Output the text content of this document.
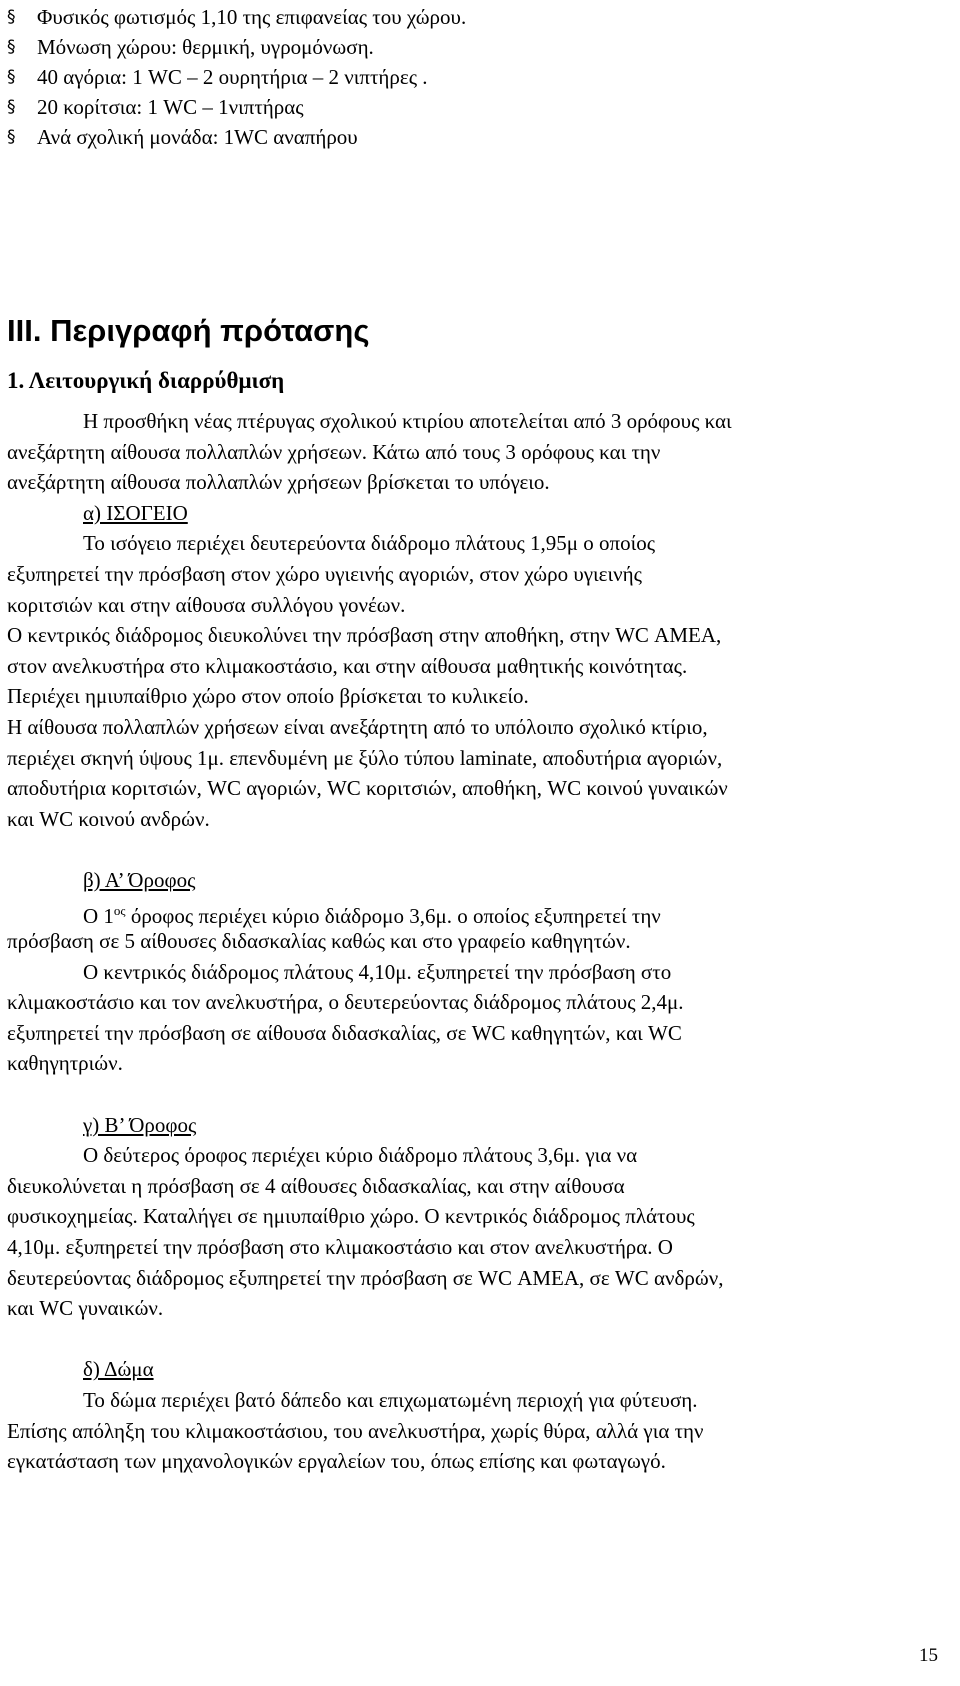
§	Φυσικός φωτισμός 1,10 της επιφανείας του χώρου.
§	Μόνωση χώρου: θερμική, υγρομόνωση.
§	40 αγόρια: 1 WC – 2 ουρητήρια – 2 νιπτήρες .
§	20 κορίτσια: 1 WC – 1νιπτήρας
§	Ανά σχολική μονάδα: 1WC αναπήρου
III. Περιγραφή πρότασης
1. Λειτουργική διαρρύθμιση
Η προσθήκη νέας πτέρυγας σχολικού κτιρίου αποτελείται από 3 ορόφους και
ανεξάρτητη αίθουσα πολλαπλών χρήσεων. Κάτω από τους 3 ορόφους και την
ανεξάρτητη αίθουσα πολλαπλών χρήσεων βρίσκεται το υπόγειο.
α) ΙΣΟΓΕΙΟ
Το ισόγειο περιέχει δευτερεύοντα διάδρομο πλάτους 1,95μ ο οποίος
εξυπηρετεί την πρόσβαση στον χώρο υγιεινής αγοριών, στον χώρο υγιεινής
κοριτσιών και στην αίθουσα συλλόγου γονέων.
Ο κεντρικός διάδρομος διευκολύνει την πρόσβαση στην αποθήκη, στην WC ΑΜΕΑ,
στον ανελκυστήρα στο κλιμακοστάσιο, και στην αίθουσα μαθητικής κοινότητας.
Περιέχει ημιυπαίθριο χώρο στον οποίο βρίσκεται το κυλικείο.
Η αίθουσα πολλαπλών χρήσεων είναι ανεξάρτητη από το υπόλοιπο σχολικό κτίριο,
περιέχει σκηνή ύψους 1μ. επενδυμένη με ξύλο τύπου laminate, αποδυτήρια αγοριών,
αποδυτήρια κοριτσιών, WC αγοριών, WC κοριτσιών, αποθήκη, WC κοινού γυναικών
και WC κοινού ανδρών.
β) Α’ Όροφος
Ο $1^{o\varsigma}$ όροφος περιέχει κύριο διάδρομο 3,6μ. ο οποίος εξυπηρετεί την
πρόσβαση σε 5 αίθουσες διδασκαλίας καθώς και στο γραφείο καθηγητών.
Ο κεντρικός διάδρομος πλάτους 4,10μ. εξυπηρετεί την πρόσβαση στο
κλιμακοστάσιο και τον ανελκυστήρα, ο δευτερεύοντας διάδρομος πλάτους 2,4μ.
εξυπηρετεί την πρόσβαση σε αίθουσα διδασκαλίας, σε WC καθηγητών, και WC
καθηγητριών.
γ) Β’ Όροφος
Ο δεύτερος όροφος περιέχει κύριο διάδρομο πλάτους 3,6μ. για να
διευκολύνεται η πρόσβαση σε 4 αίθουσες διδασκαλίας, και στην αίθουσα
φυσικοχημείας. Καταλήγει σε ημιυπαίθριο χώρο. Ο κεντρικός διάδρομος πλάτους
4,10μ. εξυπηρετεί την πρόσβαση στο κλιμακοστάσιο και στον ανελκυστήρα. Ο
δευτερεύοντας διάδρομος εξυπηρετεί την πρόσβαση σε WC ΑΜΕΑ, σε WC ανδρών,
και WC γυναικών.
δ) Δώμα
Το δώμα περιέχει βατό δάπεδο και επιχωματωμένη περιοχή για φύτευση.
Επίσης απόληξη του κλιμακοστάσιου, του ανελκυστήρα, χωρίς θύρα, αλλά για την
εγκατάσταση των μηχανολογικών εργαλείων του, όπως επίσης και φωταγωγό.
15
